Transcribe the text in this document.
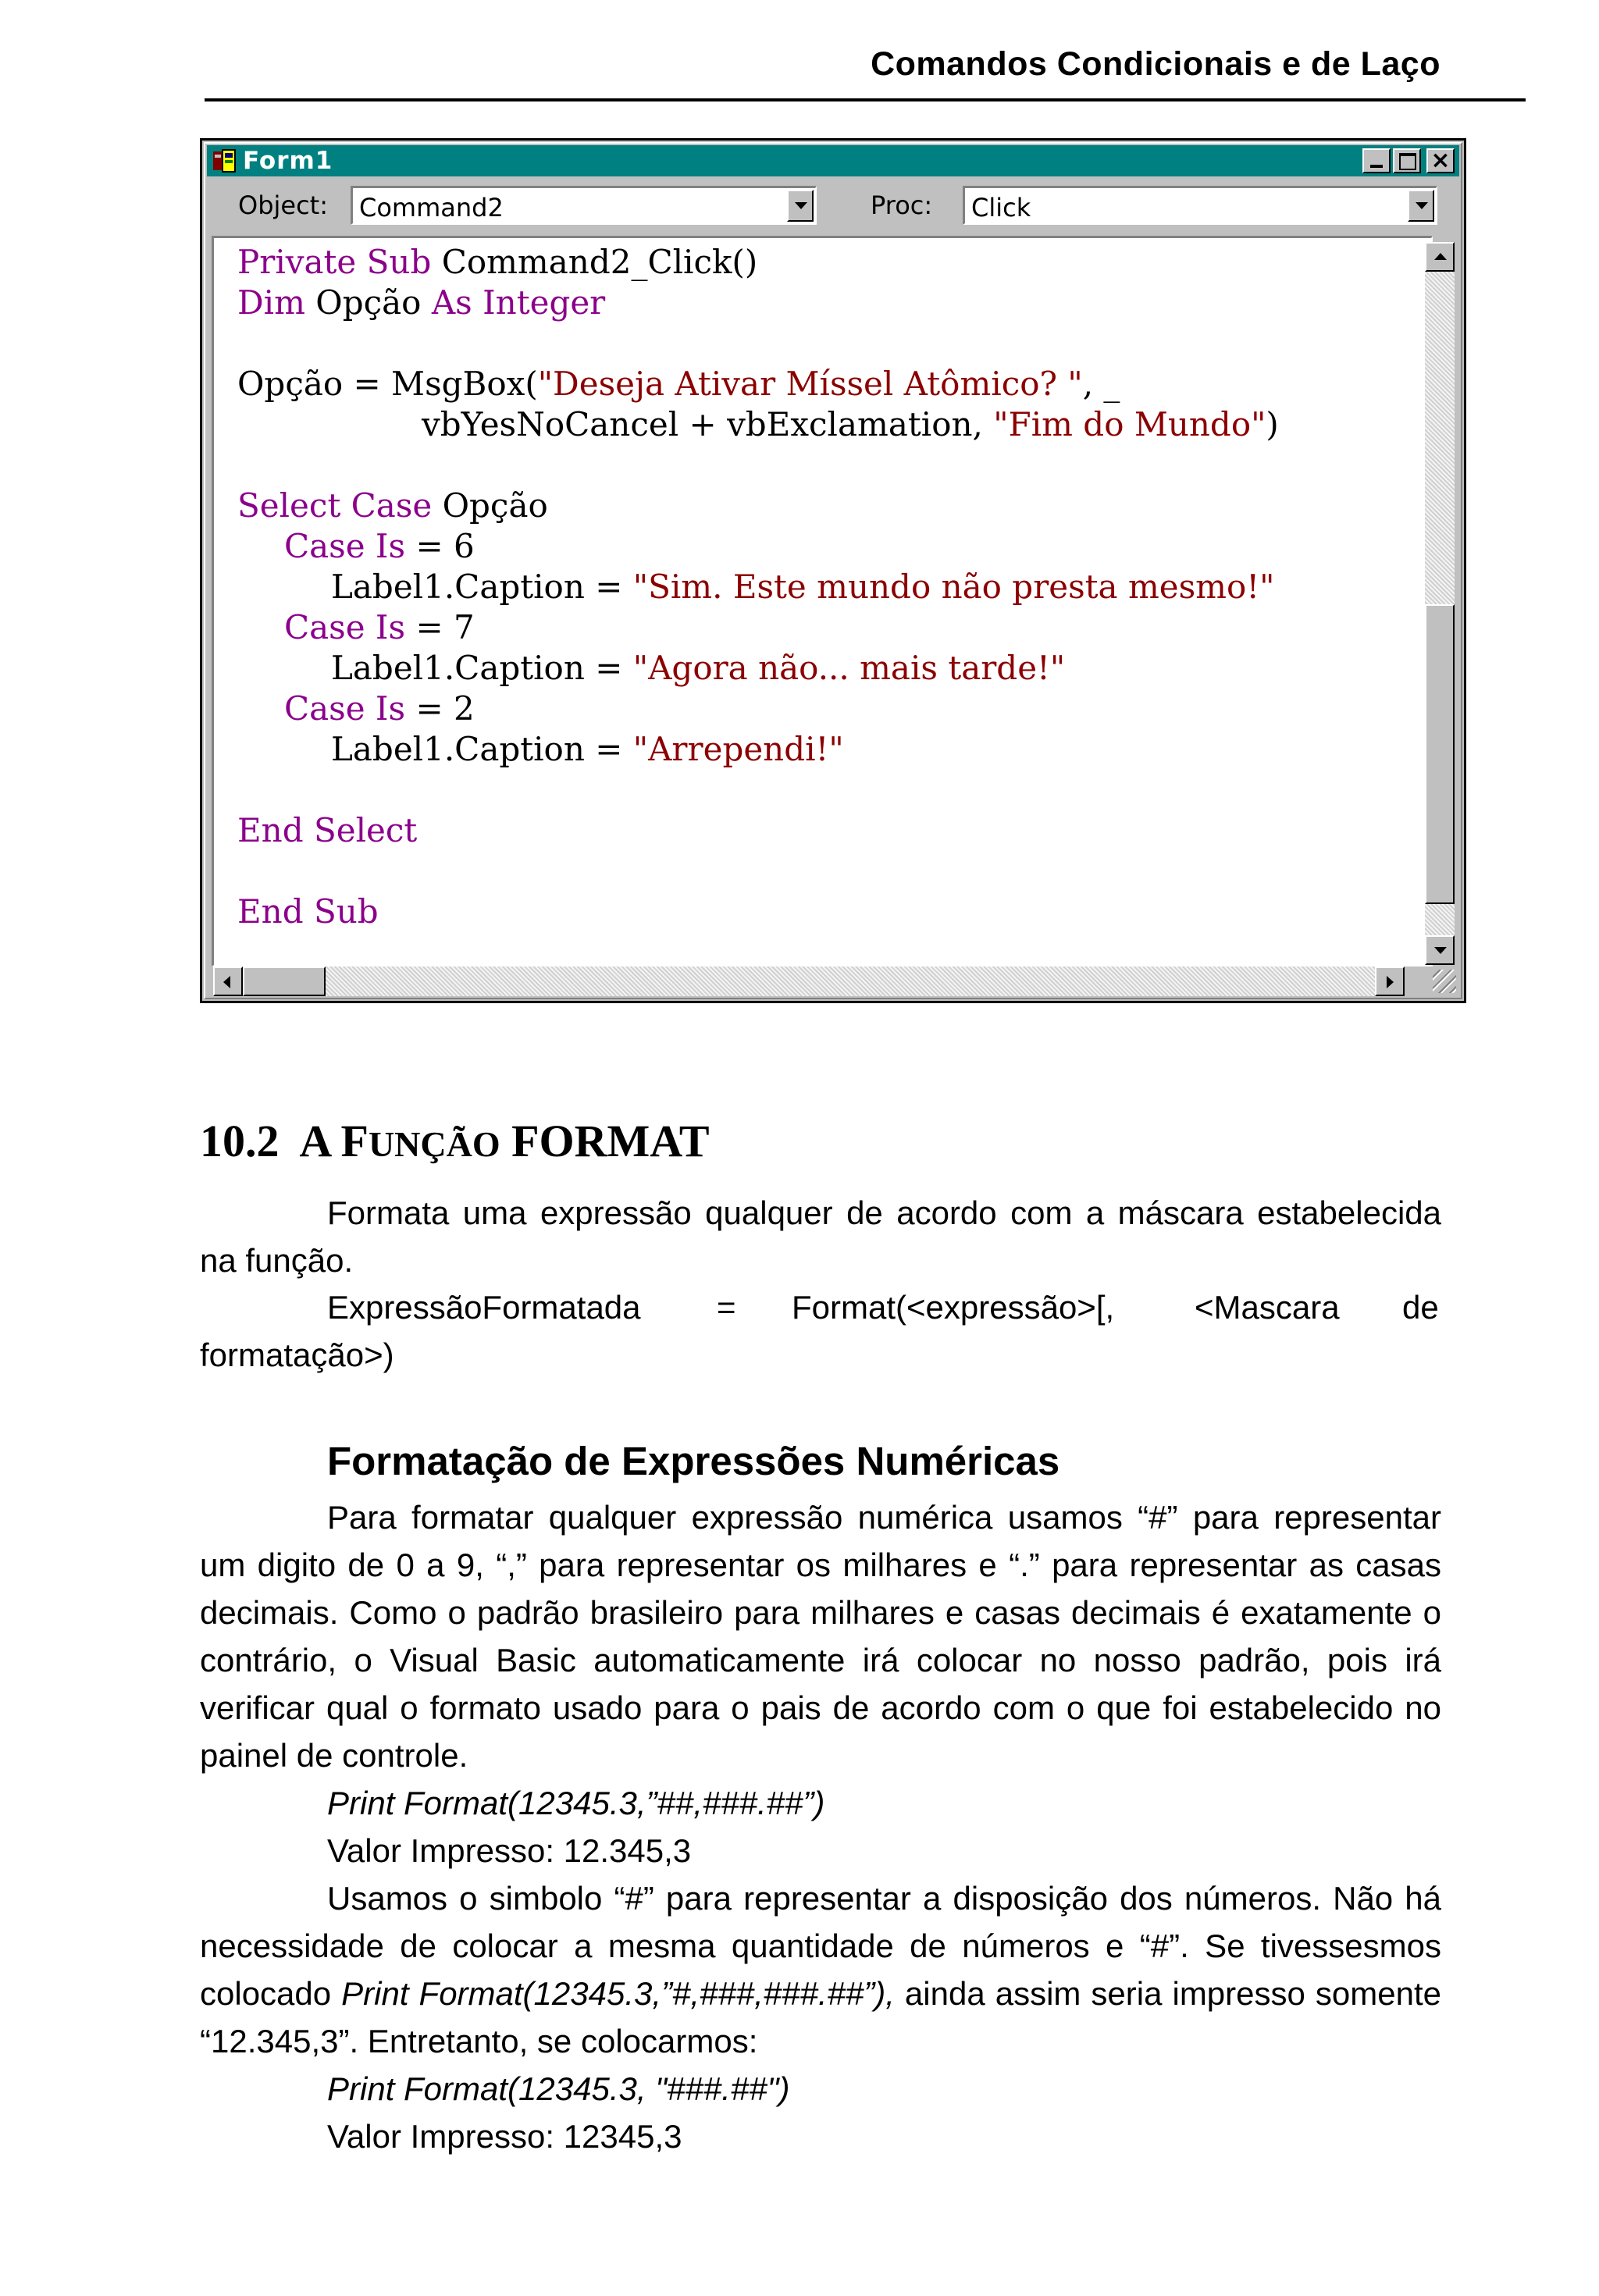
Comandos Condicionais e de Laço
Form1	×
Object: Command2	Proc: Click
Private Sub Command2_Click()
Dim Opção As Integer
Opção = MsgBox("Deseja Ativar Míssel Atômico? ", _
vbYesNoCancel + vbExclamation, "Fim do Mundo")
Select Case Opção
Case Is = 6
Label1.Caption = "Sim. Este mundo não presta mesmo!"
Case Is = 7
Label1.Caption = "Agora não... mais tarde!"
Case Is = 2
Label1.Caption = "Arrependi!"
End Select
End Sub
10.2 A FUNÇÃO FORMAT
Formata uma expressão qualquer de acordo com a máscara estabelecida na função.
ExpressãoFormatada = Format(<expressão>[, <Mascara de
formatação>)
Formatação de Expressões Numéricas
Para formatar qualquer expressão numérica usamos “#” para representar um digito de 0 a 9, “,” para representar os milhares e “.” para representar as casas decimais. Como o padrão brasileiro para milhares e casas decimais é exatamente o contrário, o Visual Basic automaticamente irá colocar no nosso padrão, pois irá verificar qual o formato usado para o pais de acordo com o que foi estabelecido no painel de controle.
Print Format(12345.3,”##,###.##”)
Valor Impresso: 12.345,3
Usamos o simbolo “#” para representar a disposição dos números. Não há necessidade de colocar a mesma quantidade de números e “#”. Se tivessesmos colocado Print Format(12345.3,”#,###,###.##”), ainda assim seria impresso somente “12.345,3”. Entretanto, se colocarmos:
Print Format(12345.3, "###.##")
Valor Impresso: 12345,3
